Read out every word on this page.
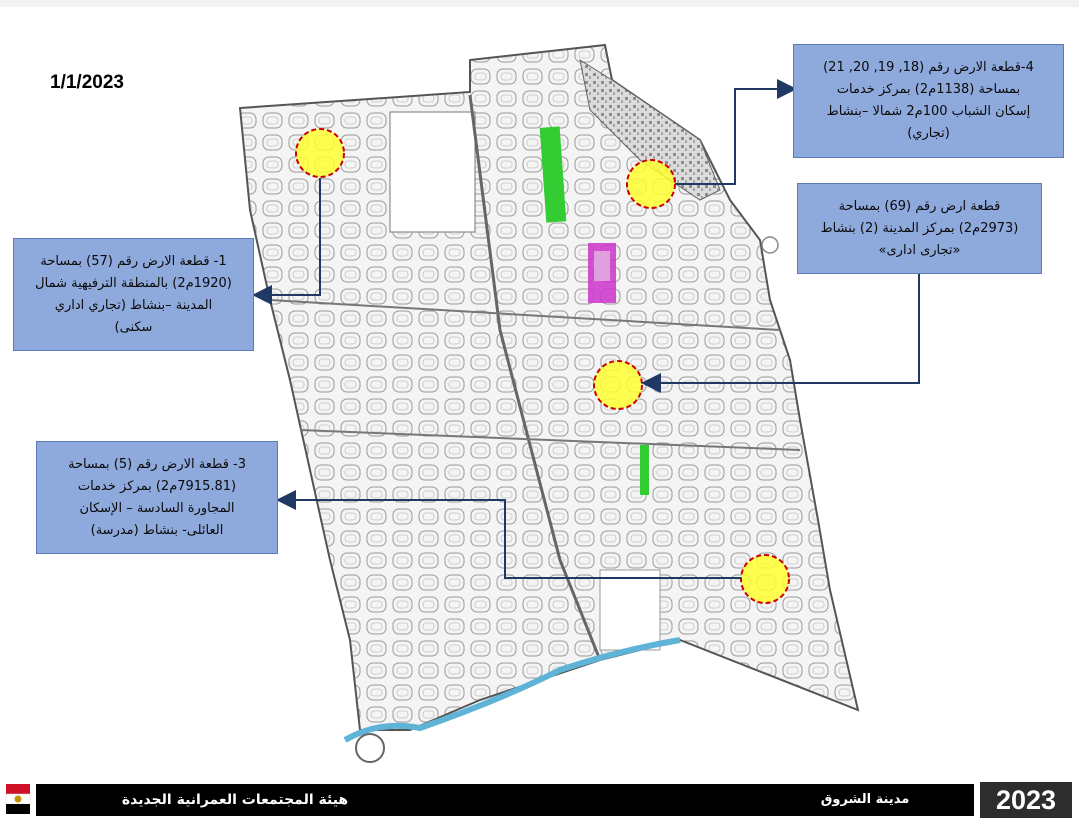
1/1/2023
4-قطعة الارض رقم (18, 19, 20, 21)
بمساحة (1138م2) بمركز خدمات
إسكان الشباب 100م2 شمالا –بنشاط
(تجاري)
قطعة ارض رقم (69) بمساحة
(2973م2) بمركز المدينة (2) بنشاط
«تجارى ادارى»
1- قطعة الارض رقم (57) بمساحة
(1920م2) بالمنطقة الترفيهية شمال
المدينة –بنشاط (تجاري اداري
سكنى)
3- قطعة الارض رقم (5) بمساحة
(7915.81م2) بمركز خدمات
المجاورة السادسة – الإسكان
العائلى- بنشاط (مدرسة)
هيئة المجتمعات العمرانية الجديدة	مدينة الشروق	2023
